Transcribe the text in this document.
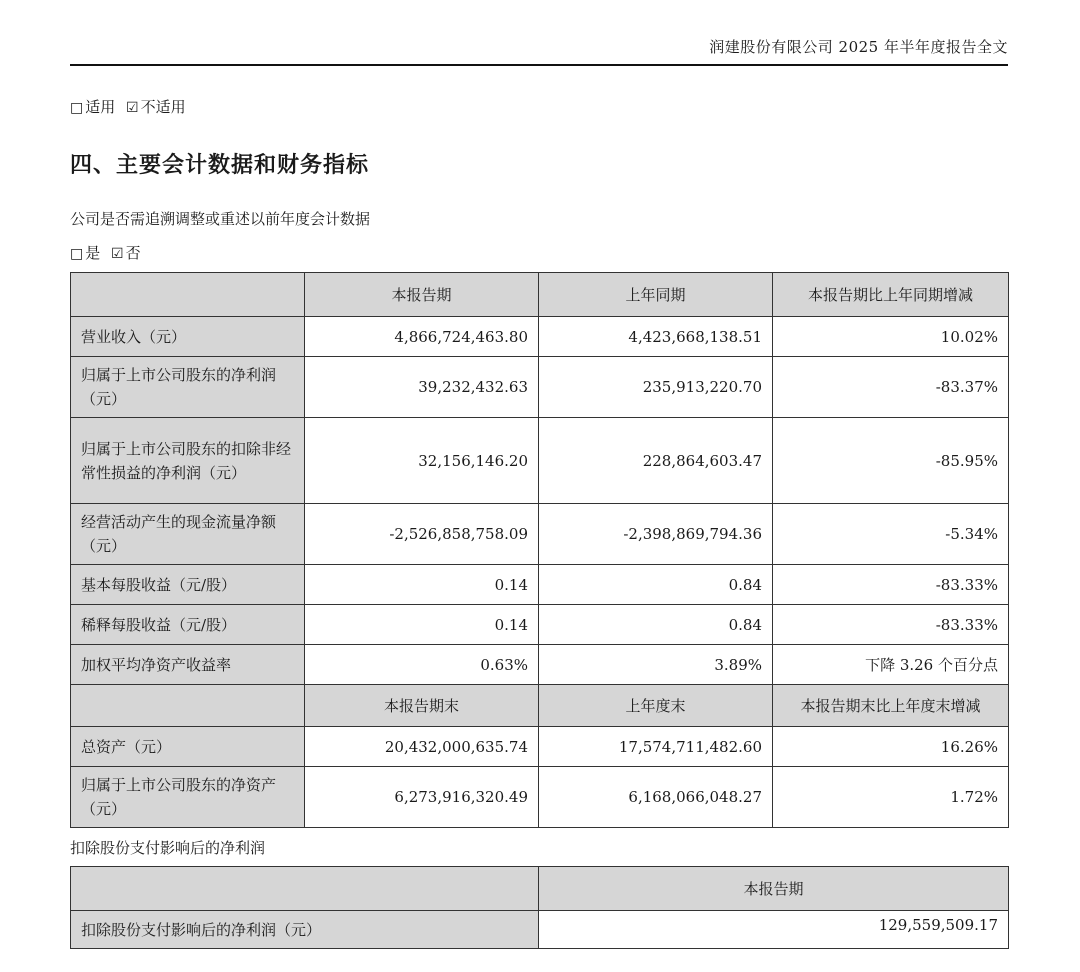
润建股份有限公司 2025 年半年度报告全文
□ 适用 ☑ 不适用
四、主要会计数据和财务指标
公司是否需追溯调整或重述以前年度会计数据
□ 是 ☑ 否
	本报告期	上年同期	本报告期比上年同期增减
营业收入（元）	4,866,724,463.80	4,423,668,138.51	10.02%
归属于上市公司股东的净利润（元）	39,232,432.63	235,913,220.70	-83.37%
归属于上市公司股东的扣除非经常性损益的净利润（元）	32,156,146.20	228,864,603.47	-85.95%
经营活动产生的现金流量净额（元）	-2,526,858,758.09	-2,398,869,794.36	-5.34%
基本每股收益（元/股）	0.14	0.84	-83.33%
稀释每股收益（元/股）	0.14	0.84	-83.33%
加权平均净资产收益率	0.63%	3.89%	下降 3.26 个百分点
	本报告期末	上年度末	本报告期末比上年度末增减
总资产（元）	20,432,000,635.74	17,574,711,482.60	16.26%
归属于上市公司股东的净资产（元）	6,273,916,320.49	6,168,066,048.27	1.72%
扣除股份支付影响后的净利润
	本报告期
扣除股份支付影响后的净利润（元）	129,559,509.17
